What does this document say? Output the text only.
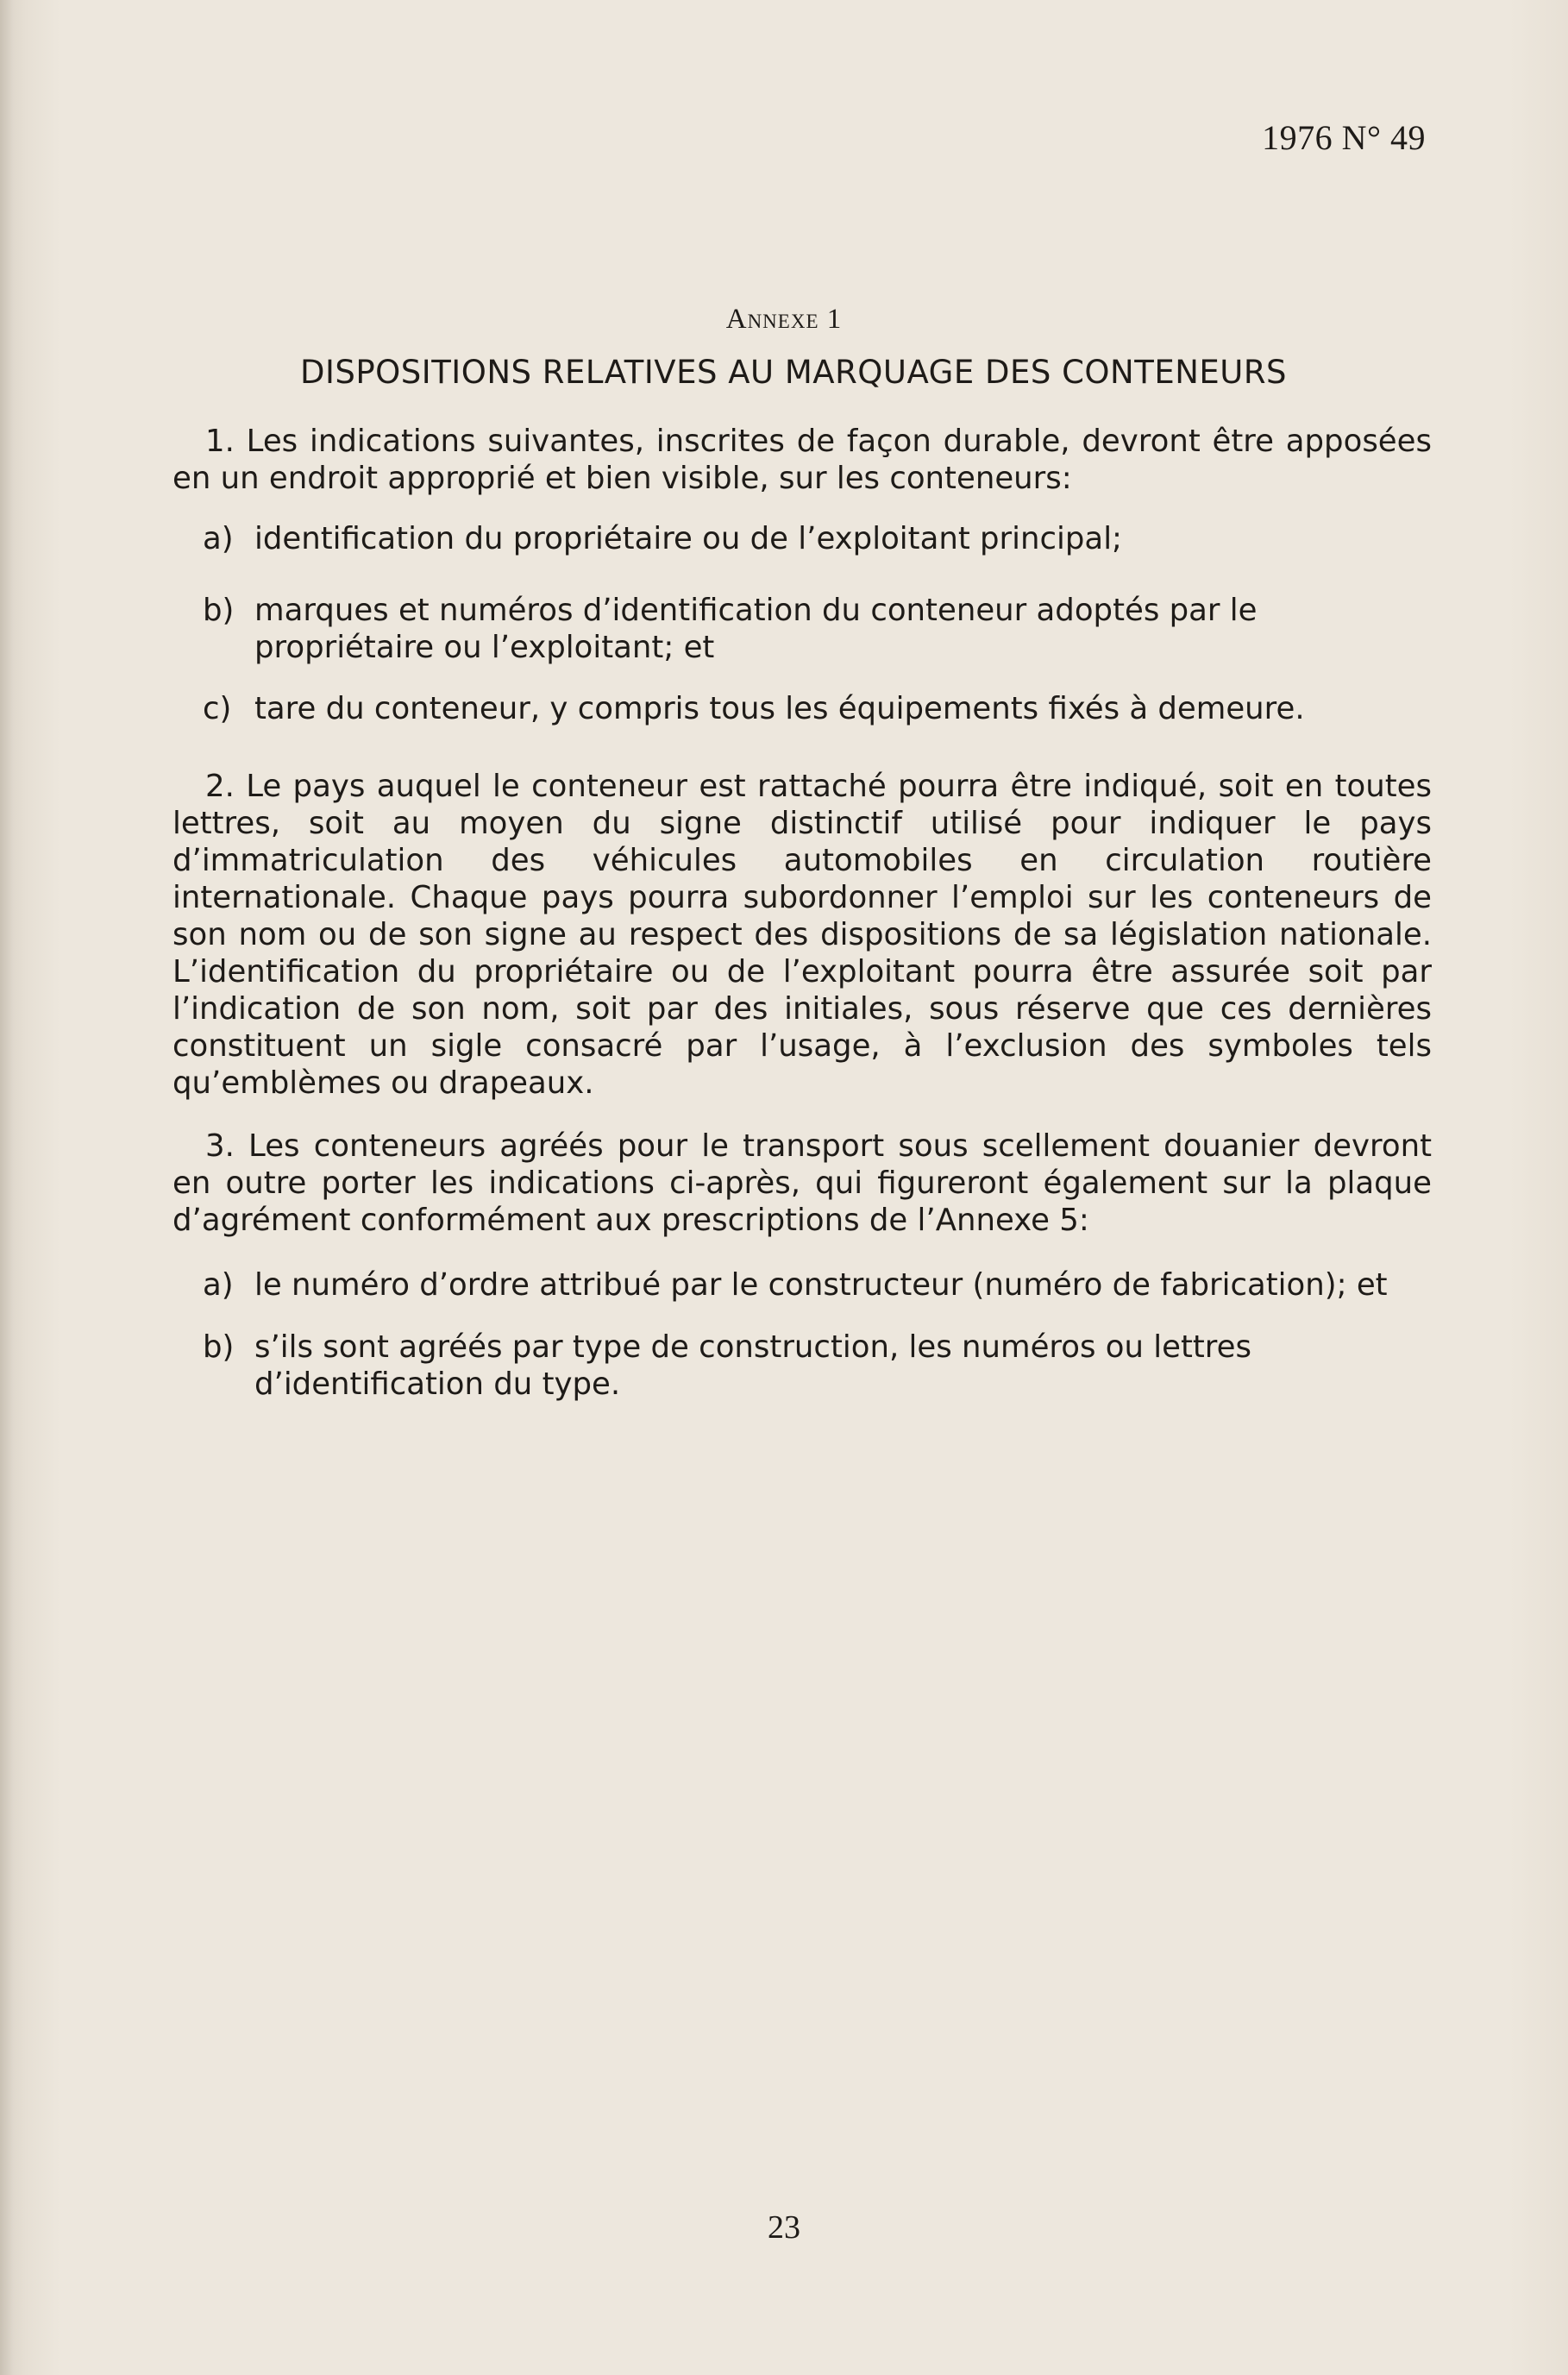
1976 N° 49
Annexe 1
DISPOSITIONS RELATIVES AU MARQUAGE DES CONTENEURS

1. Les indications suivantes, inscrites de façon durable, devront être apposées en un endroit approprié et bien visible, sur les conteneurs:

a) identification du propriétaire ou de l’exploitant principal;
b) marques et numéros d’identification du conteneur adoptés par le propriétaire ou l’exploitant; et
c) tare du conteneur, y compris tous les équipements fixés à demeure.

2. Le pays auquel le conteneur est rattaché pourra être indiqué, soit en toutes lettres, soit au moyen du signe distinctif utilisé pour indiquer le pays d’immatriculation des véhicules automobiles en circulation routière internationale. Chaque pays pourra subordonner l’emploi sur les conteneurs de son nom ou de son signe au respect des dispositions de sa législation nationale. L’identification du propriétaire ou de l’exploitant pourra être assurée soit par l’indication de son nom, soit par des initiales, sous réserve que ces dernières constituent un sigle consacré par l’usage, à l’exclusion des symboles tels qu’emblèmes ou drapeaux.

3. Les conteneurs agréés pour le transport sous scellement douanier devront en outre porter les indications ci-après, qui figureront également sur la plaque d’agrément conformément aux prescriptions de l’Annexe 5:

a) le numéro d’ordre attribué par le constructeur (numéro de fabrication); et
b) s’ils sont agréés par type de construction, les numéros ou lettres d’identification du type.
23
